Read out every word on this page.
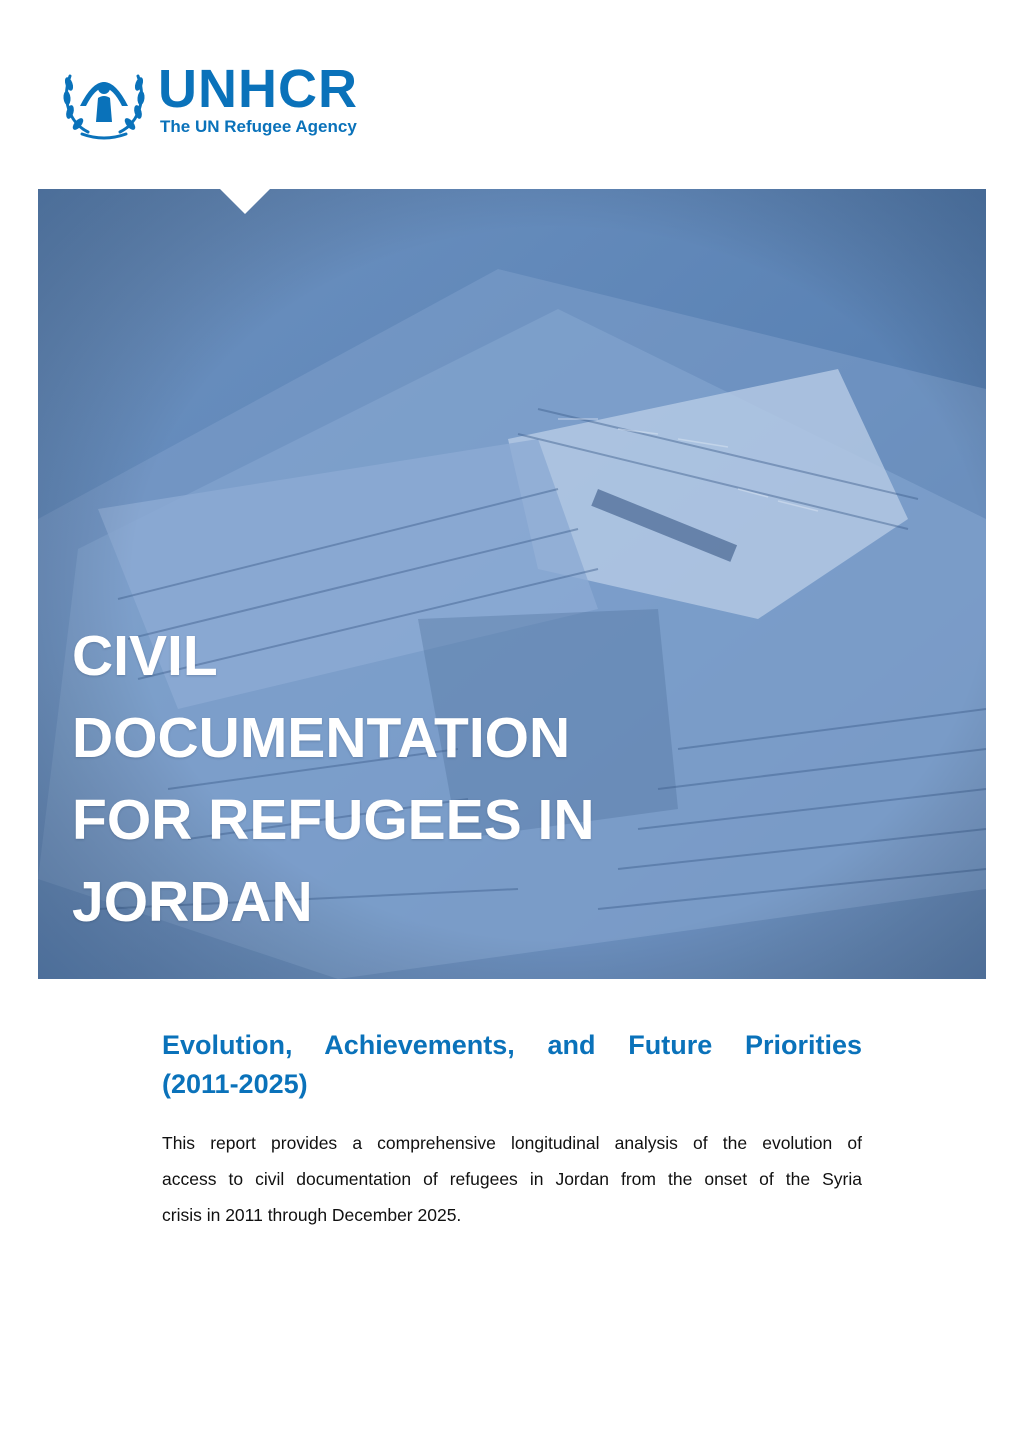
UNHCR
The UN Refugee Agency
CIVIL
DOCUMENTATION
FOR REFUGEES IN
JORDAN
Evolution, Achievements, and Future Priorities
(2011-2025)
This report provides a comprehensive longitudinal analysis of the evolution of
access to civil documentation of refugees in Jordan from the onset of the Syria
crisis in 2011 through December 2025.
